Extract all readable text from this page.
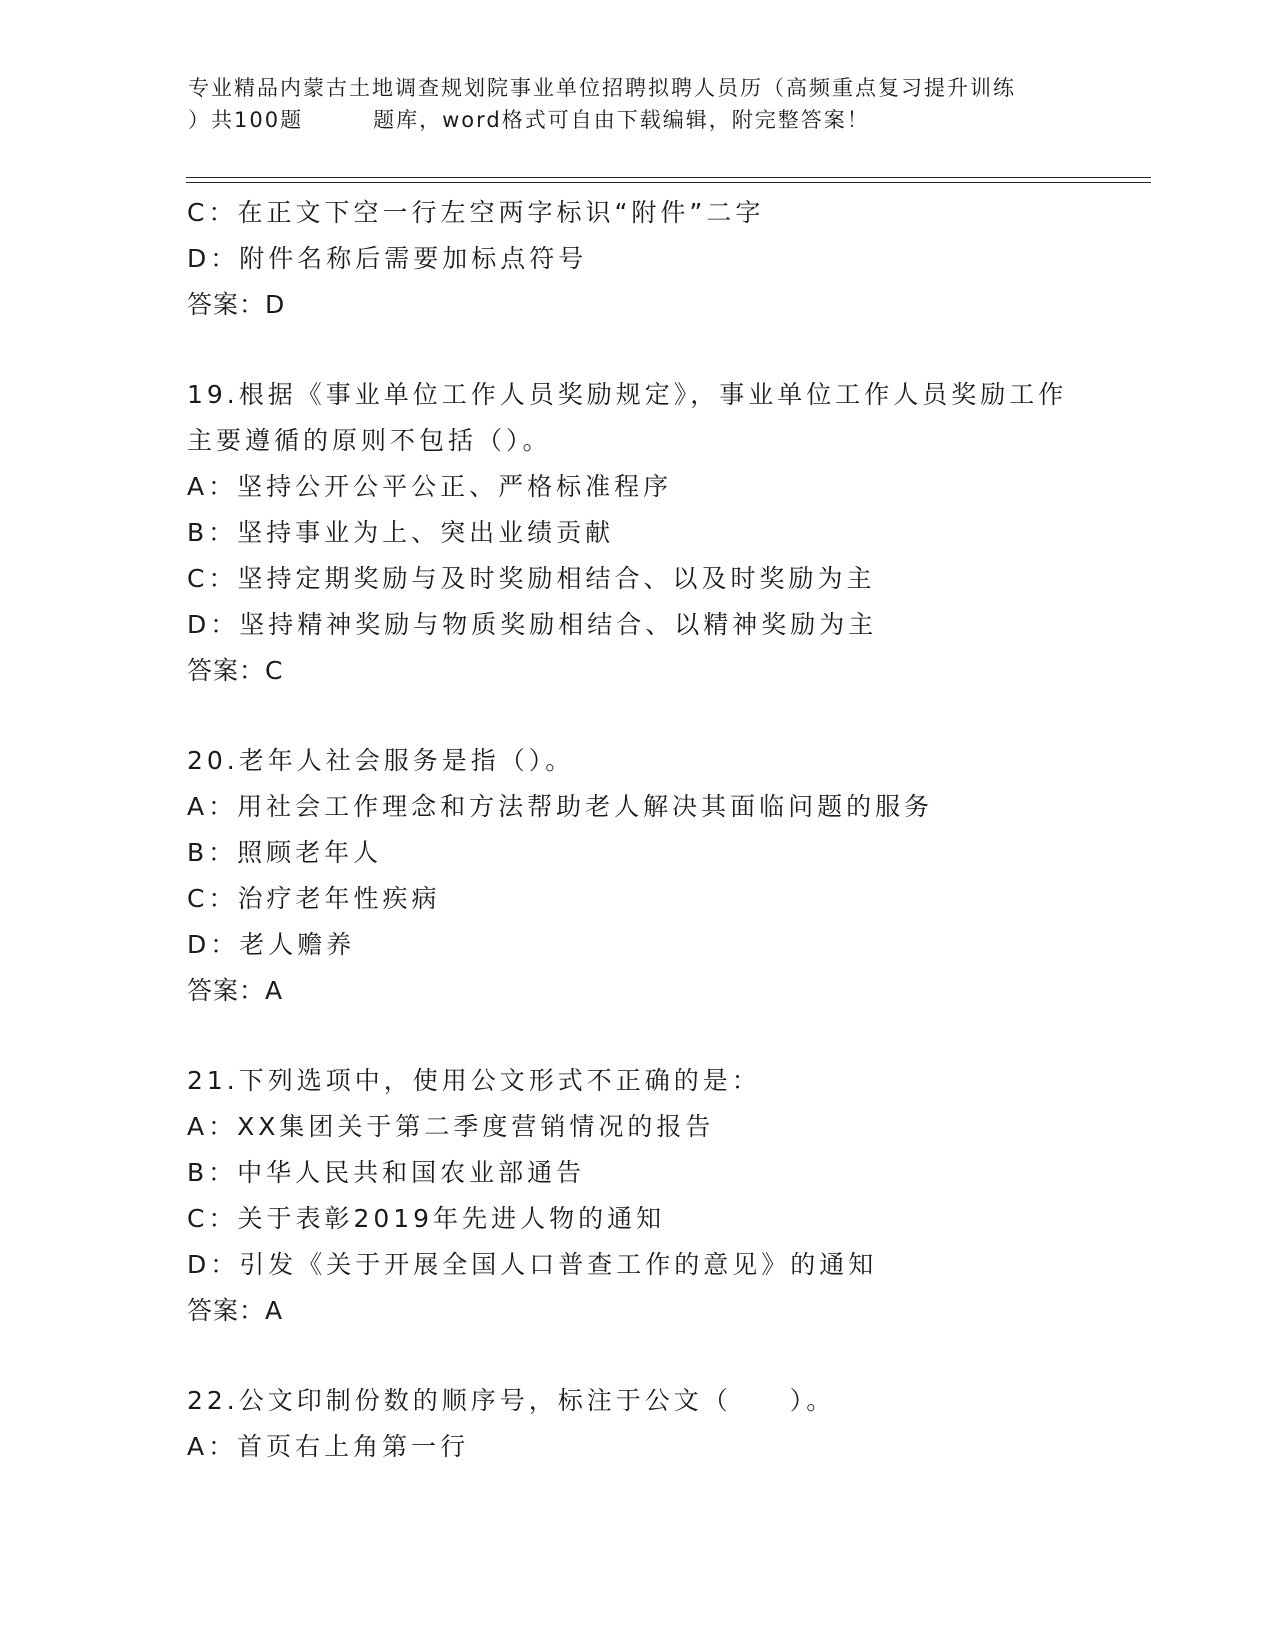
专业精品内蒙古土地调查规划院事业单位招聘拟聘人员历（高频重点复习提升训练
）共100题	题库，word格式可自由下载编辑，附完整答案！
C：在正文下空一行左空两字标识“附件”二字
D：附件名称后需要加标点符号
答案：D
19.根据《事业单位工作人员奖励规定》，事业单位工作人员奖励工作
主要遵循的原则不包括（）。
A：坚持公开公平公正、严格标准程序
B：坚持事业为上、突出业绩贡献
C：坚持定期奖励与及时奖励相结合、以及时奖励为主
D：坚持精神奖励与物质奖励相结合、以精神奖励为主
答案：C
20.老年人社会服务是指（）。
A：用社会工作理念和方法帮助老人解决其面临问题的服务
B：照顾老年人
C：治疗老年性疾病
D：老人赡养
答案：A
21.下列选项中，使用公文形式不正确的是：
A：XX集团关于第二季度营销情况的报告
B：中华人民共和国农业部通告
C：关于表彰2019年先进人物的通知
D：引发《关于开展全国人口普查工作的意见》的通知
答案：A
22.公文印制份数的顺序号，标注于公文（　　）。
A：首页右上角第一行
